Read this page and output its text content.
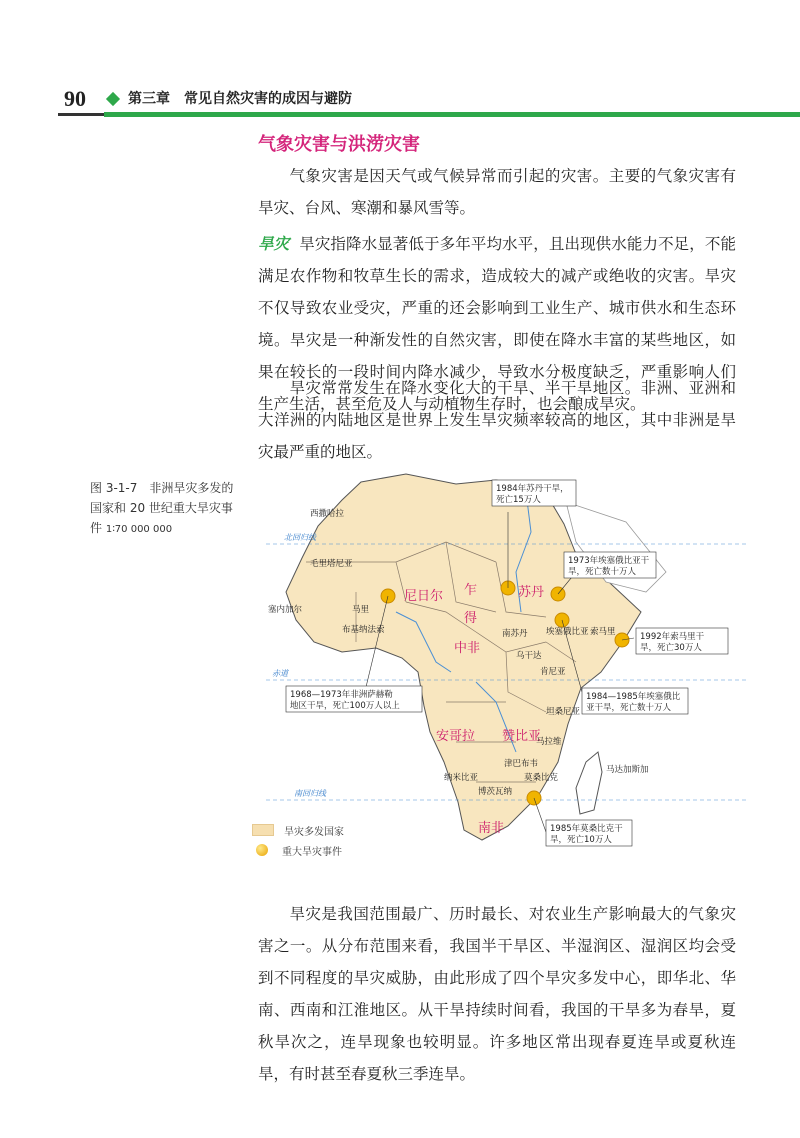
90	第三章　常见自然灾害的成因与避防
气象灾害与洪涝灾害
气象灾害是因天气或气候异常而引起的灾害。主要的气象灾害有旱灾、台风、寒潮和暴风雪等。
旱灾 旱灾指降水显著低于多年平均水平，且出现供水能力不足，不能满足农作物和牧草生长的需求，造成较大的减产或绝收的灾害。旱灾不仅导致农业受灾，严重的还会影响到工业生产、城市供水和生态环境。旱灾是一种渐发性的自然灾害，即使在降水丰富的某些地区，如果在较长的一段时间内降水减少，导致水分极度缺乏，严重影响人们生产生活，甚至危及人与动植物生存时，也会酿成旱灾。
旱灾常常发生在降水变化大的干旱、半干旱地区。非洲、亚洲和大洋洲的内陆地区是世界上发生旱灾频率较高的地区，其中非洲是旱灾最严重的地区。
图 3-1-7　非洲旱灾多发的国家和 20 世纪重大旱灾事件 1∶70 000 000
北回归线
赤道
南回归线
尼日尔 乍
得
苏丹
埃塞俄比亚 索马里
肯尼亚
坦桑尼亚
安哥拉 赞比亚
博茨瓦纳
南非
中非
南苏丹
毛里塔尼亚
马里
莫桑比克
马达加斯加
西撒哈拉
塞内加尔
布基纳法索
乌干达
津巴布韦
纳米比亚
马拉维
1984年苏丹干旱，
死亡15万人
1973年埃塞俄比亚干
旱，死亡数十万人
1992年索马里干
旱，死亡30万人
1968—1973年非洲萨赫勒
地区干旱，死亡100万人以上
1984—1985年埃塞俄比
亚干旱，死亡数十万人
1985年莫桑比克干
旱，死亡10万人
旱灾多发国家
重大旱灾事件
旱灾是我国范围最广、历时最长、对农业生产影响最大的气象灾害之一。从分布范围来看，我国半干旱区、半湿润区、湿润区均会受到不同程度的旱灾威胁，由此形成了四个旱灾多发中心，即华北、华南、西南和江淮地区。从干旱持续时间看，我国的干旱多为春旱，夏秋旱次之，连旱现象也较明显。许多地区常出现春夏连旱或夏秋连旱，有时甚至春夏秋三季连旱。
